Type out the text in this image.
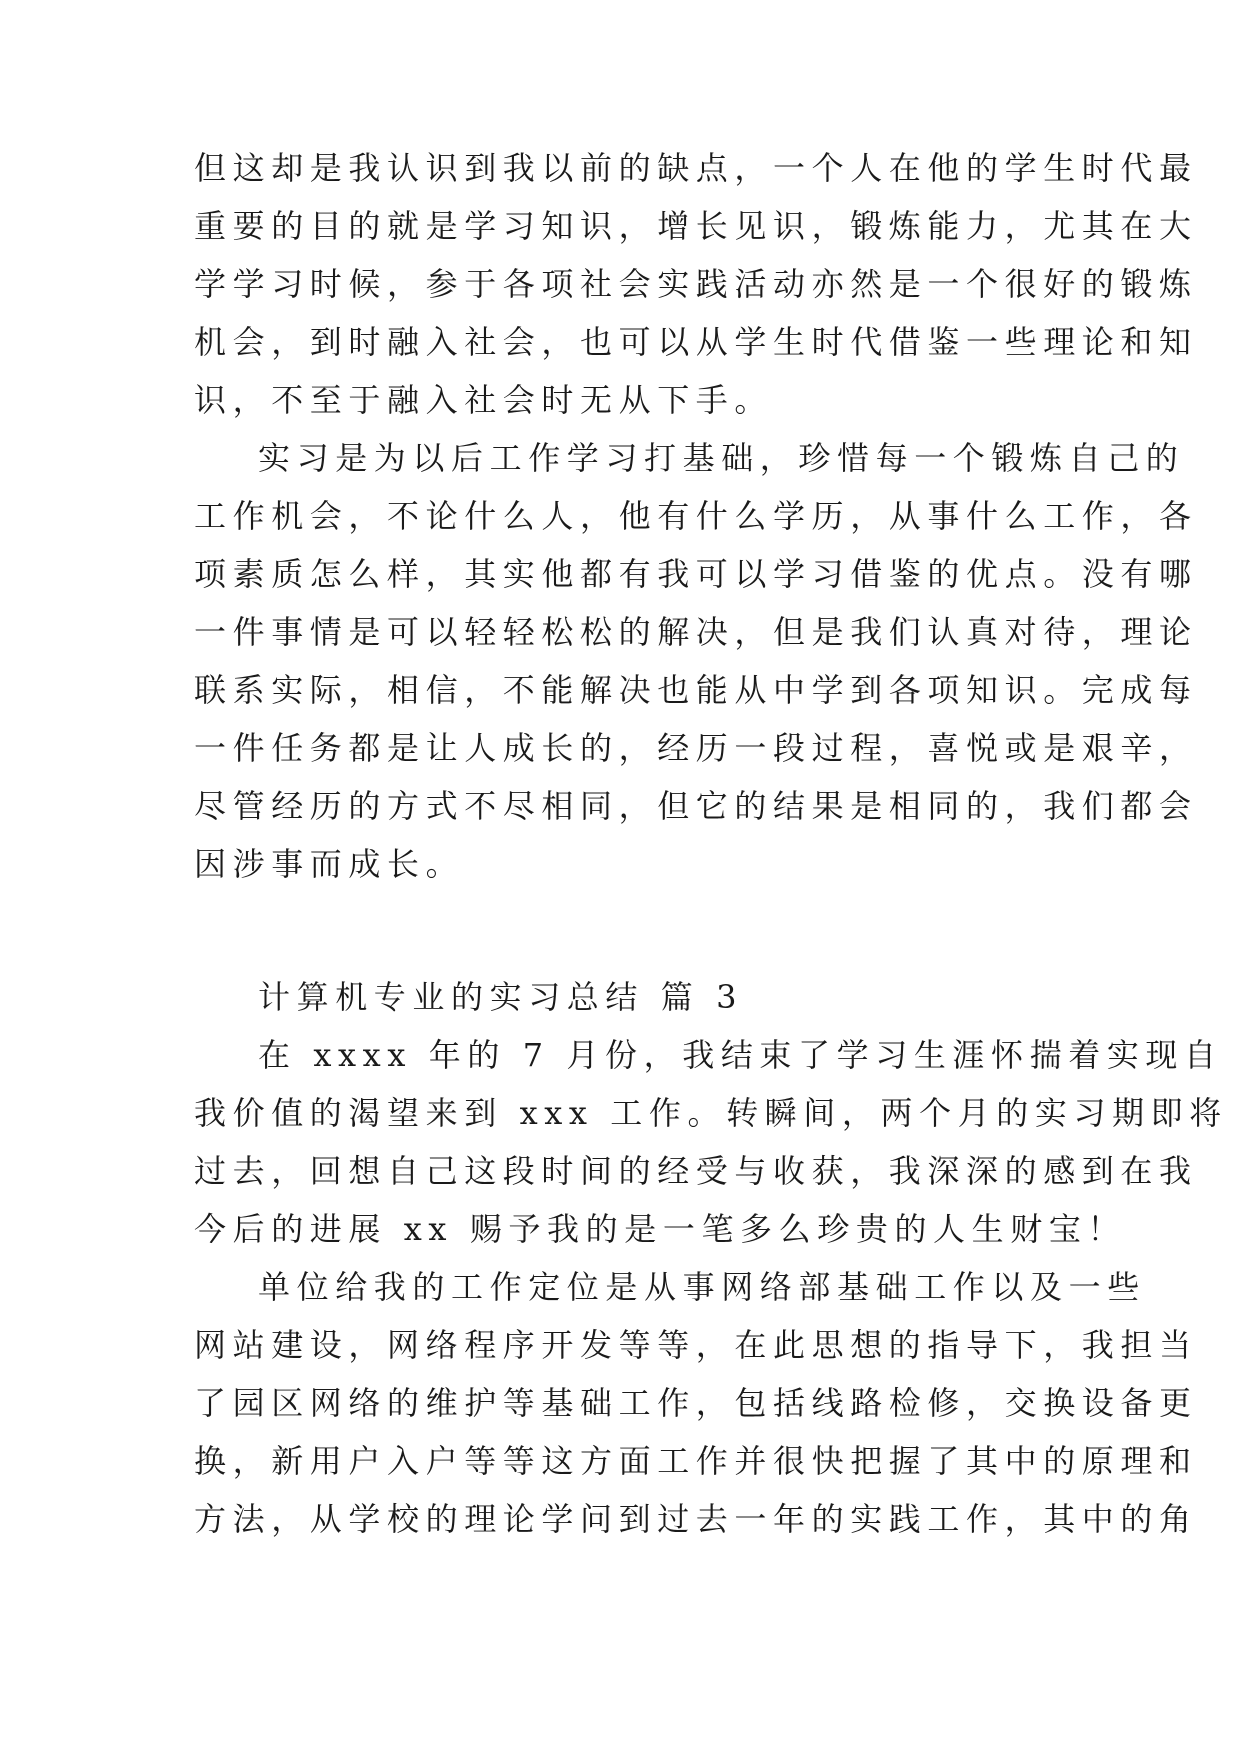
但这却是我认识到我以前的缺点，一个人在他的学生时代最
重要的目的就是学习知识，增长见识，锻炼能力，尤其在大
学学习时候，参于各项社会实践活动亦然是一个很好的锻炼
机会，到时融入社会，也可以从学生时代借鉴一些理论和知
识，不至于融入社会时无从下手。
实习是为以后工作学习打基础，珍惜每一个锻炼自己的
工作机会，不论什么人，他有什么学历，从事什么工作，各
项素质怎么样，其实他都有我可以学习借鉴的优点。没有哪
一件事情是可以轻轻松松的解决，但是我们认真对待，理论
联系实际，相信，不能解决也能从中学到各项知识。完成每
一件任务都是让人成长的，经历一段过程，喜悦或是艰辛，
尽管经历的方式不尽相同，但它的结果是相同的，我们都会
因涉事而成长。
计算机专业的实习总结 篇 3
在 xxxx 年的 7 月份，我结束了学习生涯怀揣着实现自
我价值的渴望来到 xxx 工作。转瞬间，两个月的实习期即将
过去，回想自己这段时间的经受与收获，我深深的感到在我
今后的进展 xx 赐予我的是一笔多么珍贵的人生财宝！
单位给我的工作定位是从事网络部基础工作以及一些
网站建设，网络程序开发等等，在此思想的指导下，我担当
了园区网络的维护等基础工作，包括线路检修，交换设备更
换，新用户入户等等这方面工作并很快把握了其中的原理和
方法，从学校的理论学问到过去一年的实践工作，其中的角
